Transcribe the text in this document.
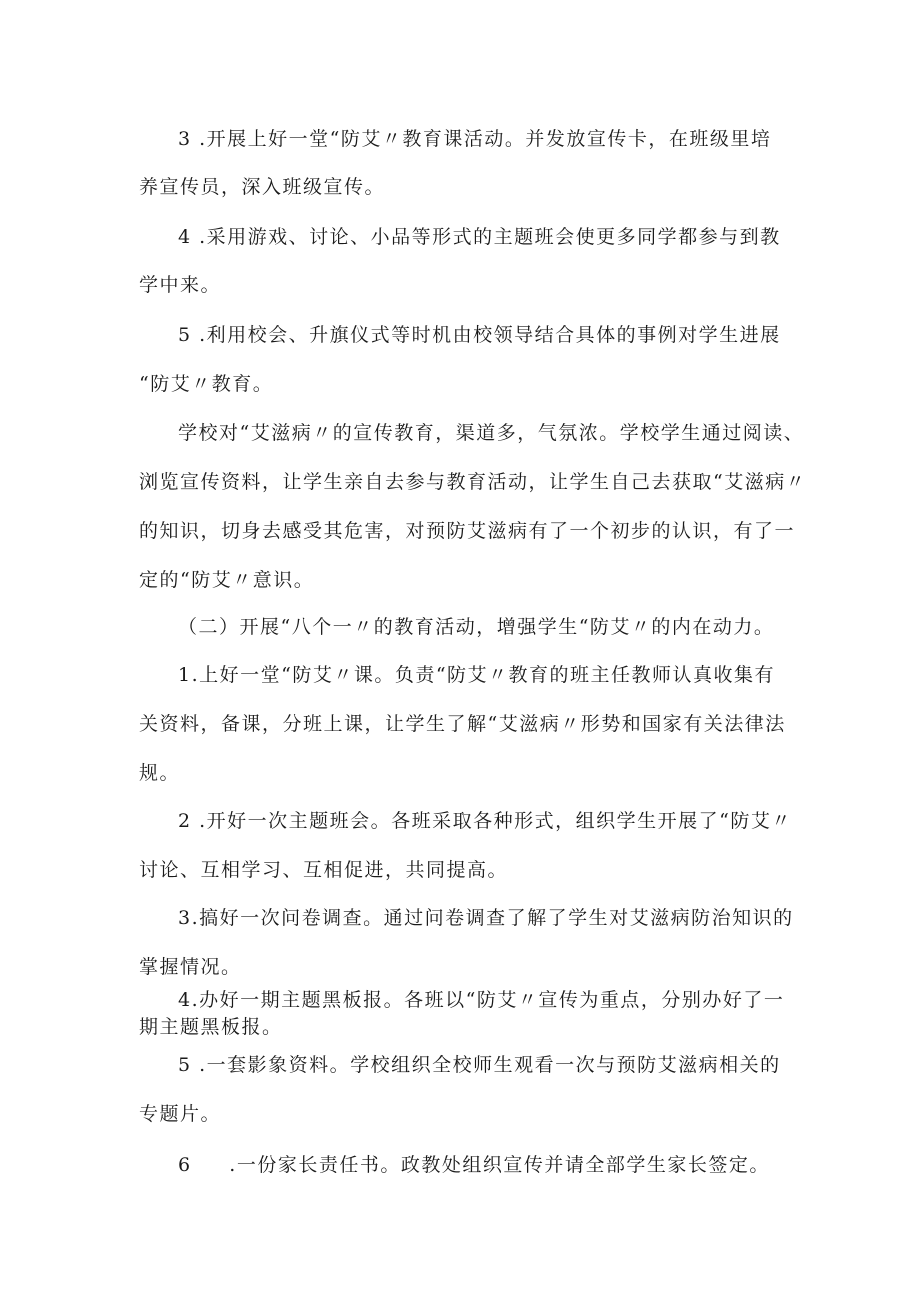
3 .开展上好一堂“防艾〃教育课活动。并发放宣传卡，在班级里培
养宣传员，深入班级宣传。
4 .采用游戏、讨论、小品等形式的主题班会使更多同学都参与到教
学中来。
5 .利用校会、升旗仪式等时机由校领导结合具体的事例对学生进展
“防艾〃教育。
学校对“艾滋病〃的宣传教育，渠道多，气氛浓。学校学生通过阅读、
浏览宣传资料，让学生亲自去参与教育活动，让学生自己去获取“艾滋病〃
的知识，切身去感受其危害，对预防艾滋病有了一个初步的认识，有了一
定的“防艾〃意识。
（二）开展“八个一〃的教育活动，增强学生“防艾〃的内在动力。
1.上好一堂“防艾〃课。负责“防艾〃教育的班主任教师认真收集有
关资料，备课，分班上课，让学生了解“艾滋病〃形势和国家有关法律法
规。
2 .开好一次主题班会。各班采取各种形式，组织学生开展了“防艾〃
讨论、互相学习、互相促进，共同提高。
3.搞好一次问卷调查。通过问卷调查了解了学生对艾滋病防治知识的
掌握情况。
4.办好一期主题黑板报。各班以“防艾〃宣传为重点，分别办好了一
期主题黑板报。
5 .一套影象资料。学校组织全校师生观看一次与预防艾滋病相关的
专题片。
6     .一份家长责任书。政教处组织宣传并请全部学生家长签定。
